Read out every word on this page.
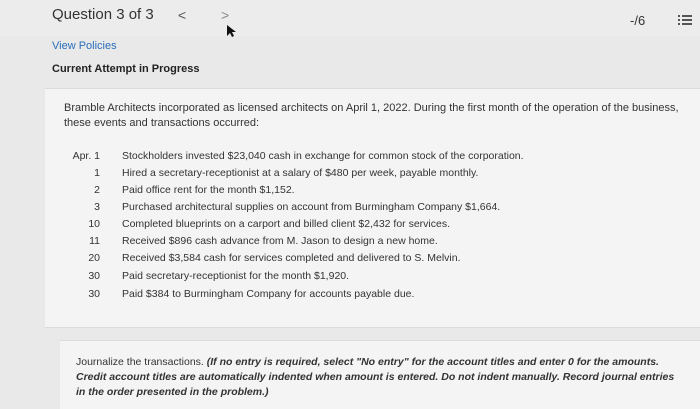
Question 3 of 3 < >	-/6
View Policies
Current Attempt in Progress
Bramble Architects incorporated as licensed architects on April 1, 2022. During the first month of the operation of the business, these events and transactions occurred:
Apr. 1 Stockholders invested $23,040 cash in exchange for common stock of the corporation.
1 Hired a secretary-receptionist at a salary of $480 per week, payable monthly.
2 Paid office rent for the month $1,152.
3 Purchased architectural supplies on account from Burmingham Company $1,664.
10 Completed blueprints on a carport and billed client $2,432 for services.
11 Received $896 cash advance from M. Jason to design a new home.
20 Received $3,584 cash for services completed and delivered to S. Melvin.
30 Paid secretary-receptionist for the month $1,920.
30 Paid $384 to Burmingham Company for accounts payable due.
Journalize the transactions. (If no entry is required, select "No entry" for the account titles and enter 0 for the amounts. Credit account titles are automatically indented when amount is entered. Do not indent manually. Record journal entries in the order presented in the problem.)
